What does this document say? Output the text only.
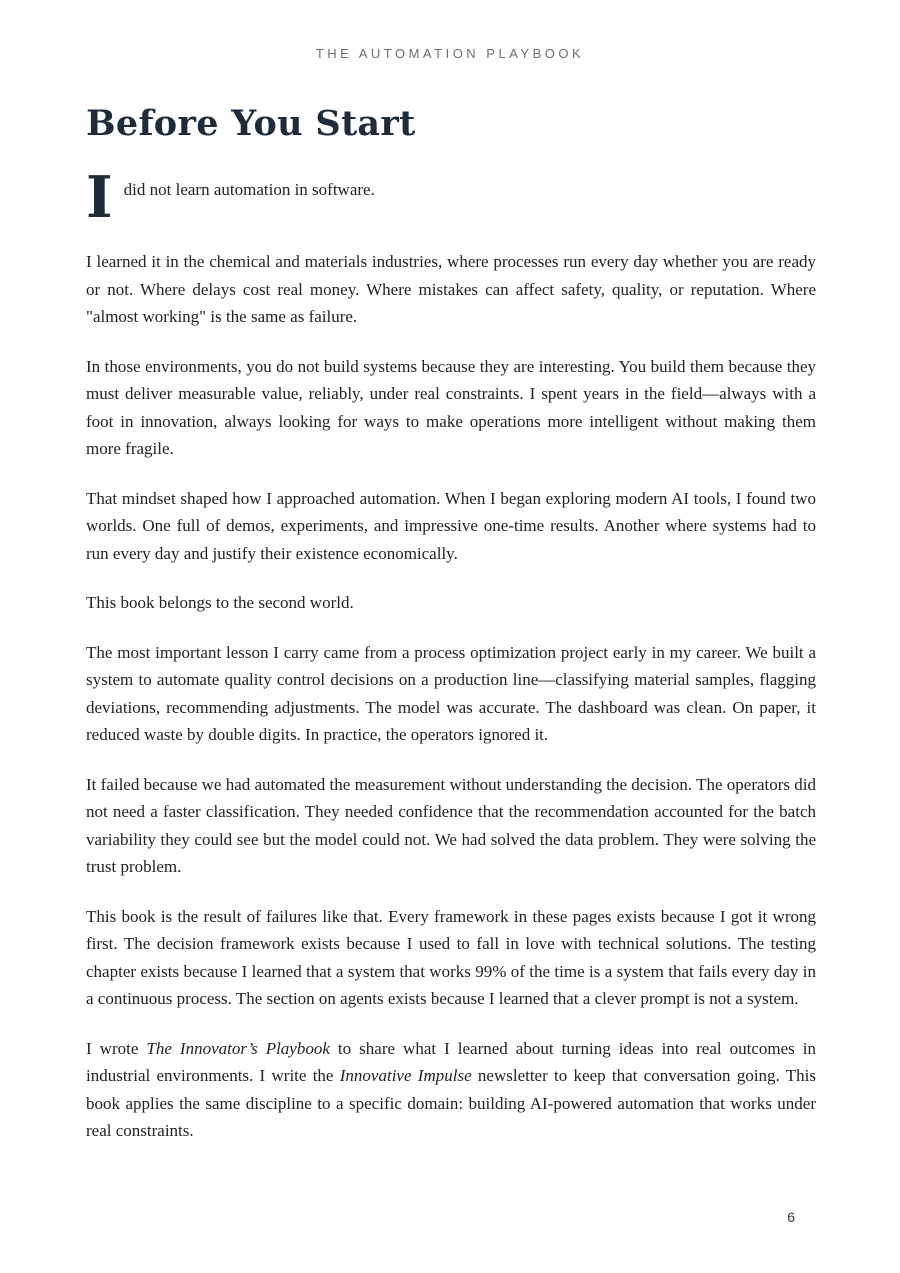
THE AUTOMATION PLAYBOOK
Before You Start
I did not learn automation in software.

I learned it in the chemical and materials industries, where processes run every day whether you are ready or not. Where delays cost real money. Where mistakes can affect safety, quality, or reputation. Where "almost working" is the same as failure.

In those environments, you do not build systems because they are interesting. You build them because they must deliver measurable value, reliably, under real constraints. I spent years in the field—always with a foot in innovation, always looking for ways to make operations more intelligent without making them more fragile.

That mindset shaped how I approached automation. When I began exploring modern AI tools, I found two worlds. One full of demos, experiments, and impressive one-time results. Another where systems had to run every day and justify their existence economically.

This book belongs to the second world.

The most important lesson I carry came from a process optimization project early in my career. We built a system to automate quality control decisions on a production line—classifying material samples, flagging deviations, recommending adjustments. The model was accurate. The dashboard was clean. On paper, it reduced waste by double digits. In practice, the operators ignored it.

It failed because we had automated the measurement without understanding the decision. The operators did not need a faster classification. They needed confidence that the recommendation accounted for the batch variability they could see but the model could not. We had solved the data problem. They were solving the trust problem.

This book is the result of failures like that. Every framework in these pages exists because I got it wrong first. The decision framework exists because I used to fall in love with technical solutions. The testing chapter exists because I learned that a system that works 99% of the time is a system that fails every day in a continuous process. The section on agents exists because I learned that a clever prompt is not a system.

I wrote The Innovator’s Playbook to share what I learned about turning ideas into real outcomes in industrial environments. I write the Innovative Impulse newsletter to keep that conversation going. This book applies the same discipline to a specific domain: building AI-powered automation that works under real constraints.

6
